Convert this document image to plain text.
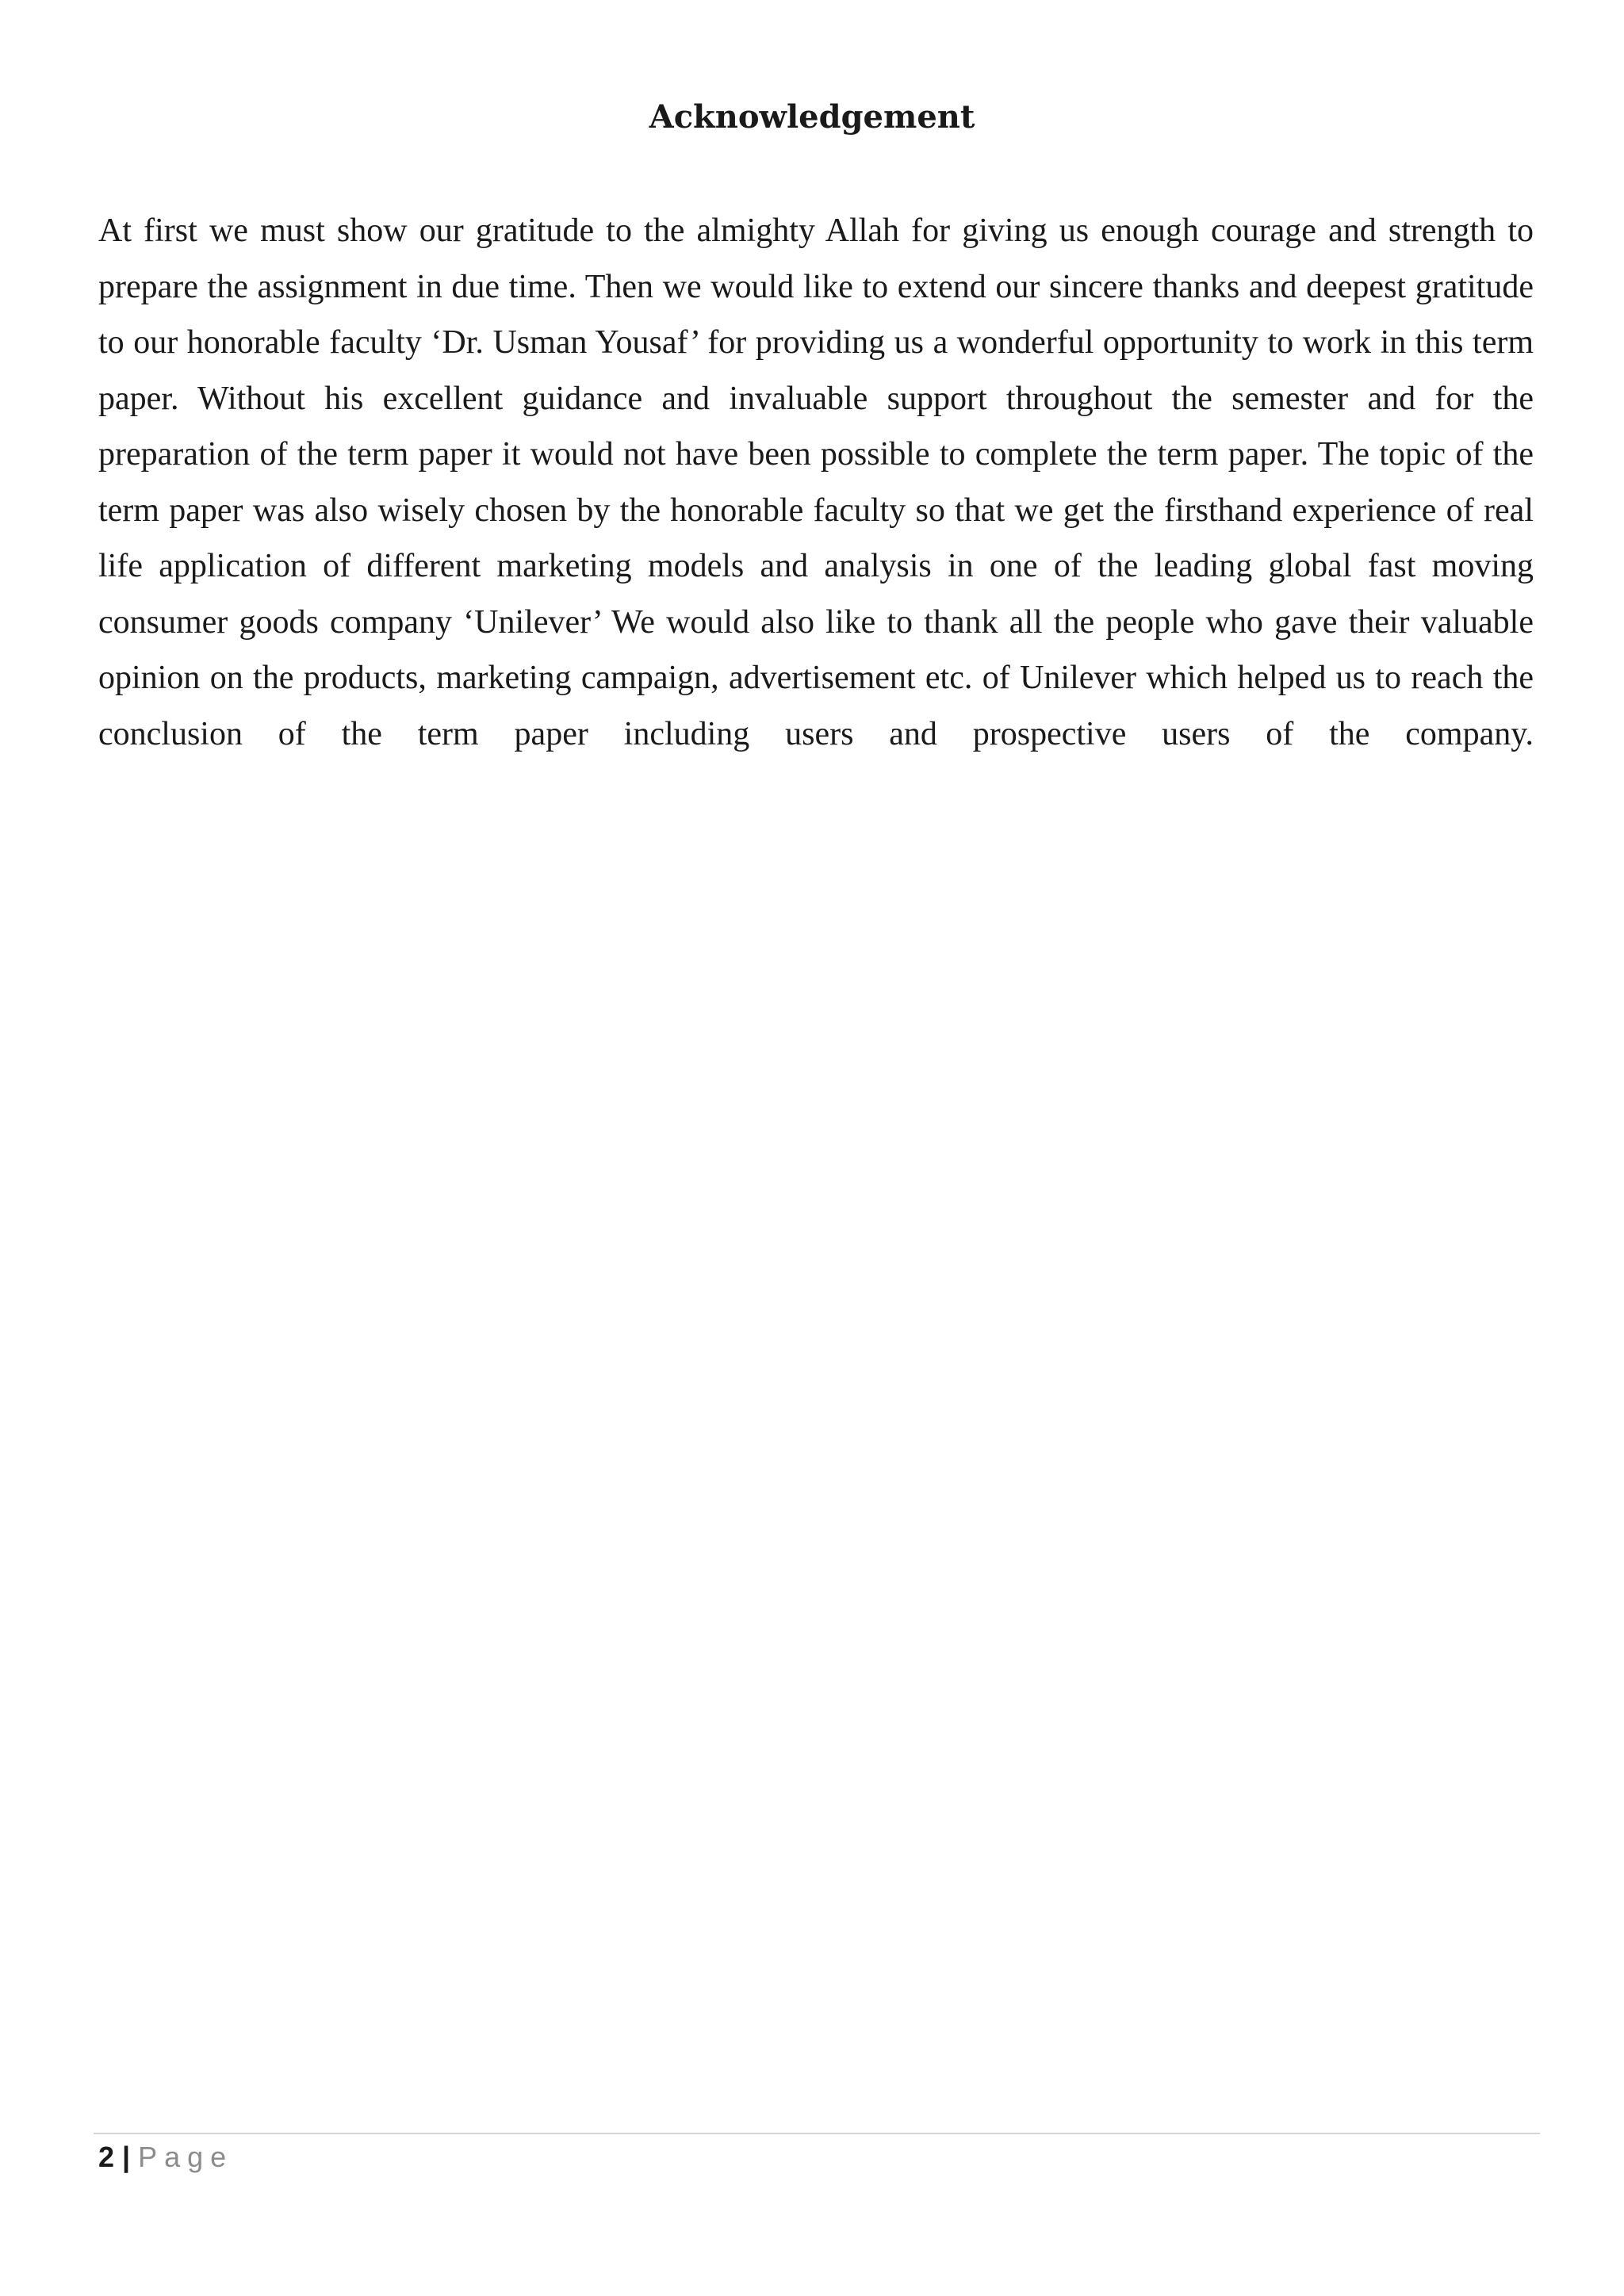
Acknowledgement

At first we must show our gratitude to the almighty Allah for giving us enough courage and strength to prepare the assignment in due time. Then we would like to extend our sincere thanks and deepest gratitude to our honorable faculty ‘Dr. Usman Yousaf’ for providing us a wonderful opportunity to work in this term paper. Without his excellent guidance and invaluable support throughout the semester and for the preparation of the term paper it would not have been possible to complete the term paper. The topic of the term paper was also wisely chosen by the honorable faculty so that we get the firsthand experience of real life application of different marketing models and analysis in one of the leading global fast moving consumer goods company ‘Unilever’ We would also like to thank all the people who gave their valuable opinion on the products, marketing campaign, advertisement etc. of Unilever which helped us to reach the conclusion of the term paper including users and prospective users of the company.

2 | Page
